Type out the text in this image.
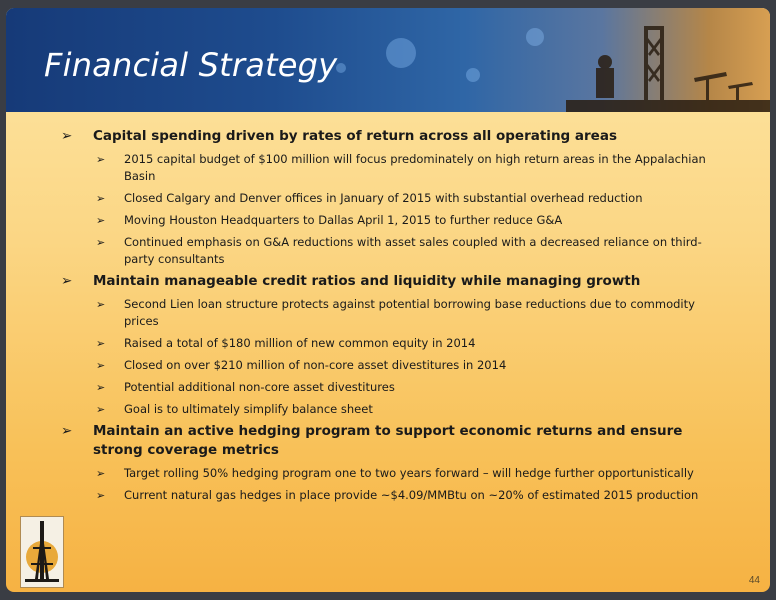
Financial Strategy
➢ Capital spending driven by rates of return across all operating areas
➢ 2015 capital budget of $100 million will focus predominately on high return areas in the Appalachian Basin
➢ Closed Calgary and Denver offices in January of 2015 with substantial overhead reduction
➢ Moving Houston Headquarters to Dallas April 1, 2015 to further reduce G&A
➢ Continued emphasis on G&A reductions with asset sales coupled with a decreased reliance on third-party consultants
➢ Maintain manageable credit ratios and liquidity while managing growth
➢ Second Lien loan structure protects against potential borrowing base reductions due to commodity prices
➢ Raised a total of $180 million of new common equity in 2014
➢ Closed on over $210 million of non-core asset divestitures in 2014
➢ Potential additional non-core asset divestitures
➢ Goal is to ultimately simplify balance sheet
➢ Maintain an active hedging program to support economic returns and ensure strong coverage metrics
➢ Target rolling 50% hedging program one to two years forward – will hedge further opportunistically
➢ Current natural gas hedges in place provide ~$4.09/MMBtu on ~20% of estimated 2015 production
44
